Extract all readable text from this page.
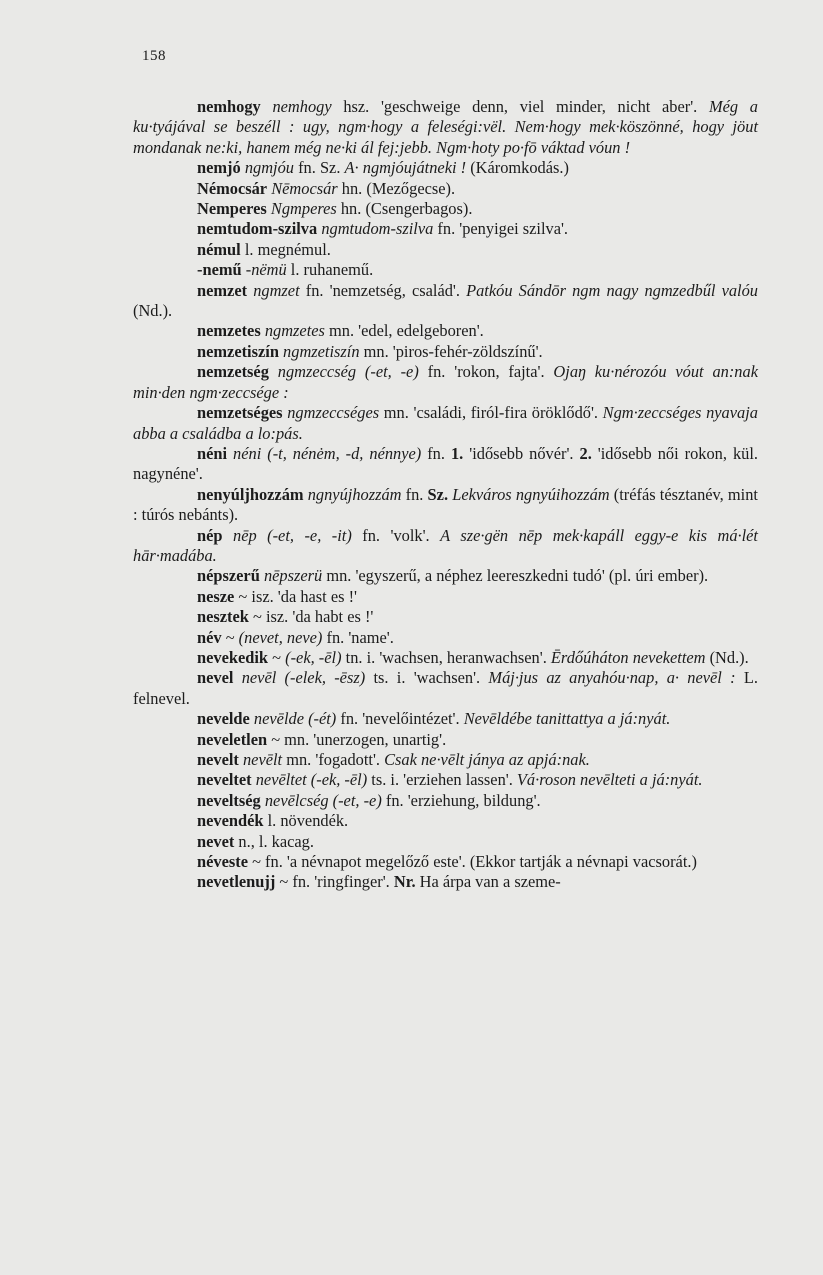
158

nemhogy nemhogy hsz. 'geschweige denn, viel minder, nicht aber'. Még a ku·tyájával se beszéll : ugy, ngm·hogy a feleségi:vël. Nem·hogy mek·köszönné, hogy jöut mondanak ne:ki, hanem még ne·ki ál fej:jebb. Ngm·hoty po·fō váktad vóun !

nemjó ngmjóu fn. Sz. A· ngmjóujátneki ! (Káromkodás.)

Némocsár Nēmocsár hn. (Mezőgecse).

Nemperes Ngmperes hn. (Csengerbagos).

nemtudom-szilva ngmtudom-szilva fn. 'penyigei szilva'.

némul l. megnémul.

-nemű -nëmü l. ruhanemű.

nemzet ngmzet fn. 'nemzetség, család'. Patkóu Sándōr ngm nagy ngmzedbűl valóu (Nd.).

nemzetes ngmzetes mn. 'edel, edelgeboren'.

nemzetiszín ngmzetiszín mn. 'piros-fehér-zöldszínű'.

nemzetség ngmzeccség (-et, -e) fn. 'rokon, fajta'. Ojaŋ ku·nérozóu vóut an:nak min·den ngm·zeccsége :

nemzetséges ngmzeccséges mn. 'családi, firól-fira öröklődő'. Ngm·zeccséges nyavaja abba a családba a lo:pás.

néni néni (-t, nénėm, -d, nénnye) fn. 1. 'idősebb nővér'. 2. 'idősebb női rokon, kül. nagynéne'.

nenyúljhozzám ngnyújhozzám fn. Sz. Lekváros ngnyúihozzám (tréfás tésztanév, mint : túrós nebánts).

nép nēp (-et, -e, -it) fn. 'volk'. A sze·gën nēp mek·kapáll eggy-e kis má·lét hār·madába.

népszerű nēpszerü mn. 'egyszerű, a néphez leereszkedni tudó' (pl. úri ember).

nesze ~ isz. 'da hast es !'

nesztek ~ isz. 'da habt es !'

név ~ (nevet, neve) fn. 'name'.

nevekedik ~ (-ek, -ēl) tn. i. 'wachsen, heranwachsen'. Ērdőúháton nevekettem (Nd.).

nevel nevēl (-elek, -ēsz) ts. i. 'wachsen'. Máj·jus az anyahóu·nap, a· nevēl : L. felnevel.

nevelde nevēlde (-ét) fn. 'nevelőintézet'. Nevēldébe tanittattya a já:nyát.

neveletlen ~ mn. 'unerzogen, unartig'.

nevelt nevēlt mn. 'fogadott'. Csak ne·vēlt jánya az apjá:nak.

neveltet nevēltet (-ek, -ēl) ts. i. 'erziehen lassen'. Vá·roson nevēlteti a já:nyát.

neveltség nevēlcség (-et, -e) fn. 'erziehung, bildung'.

nevendék l. növendék.

nevet n., l. kacag.

néveste ~ fn. 'a névnapot megelőző este'. (Ekkor tartják a névnapi vacsorát.)

nevetlenujj ~ fn. 'ringfinger'. Nr. Ha árpa van a szeme-
